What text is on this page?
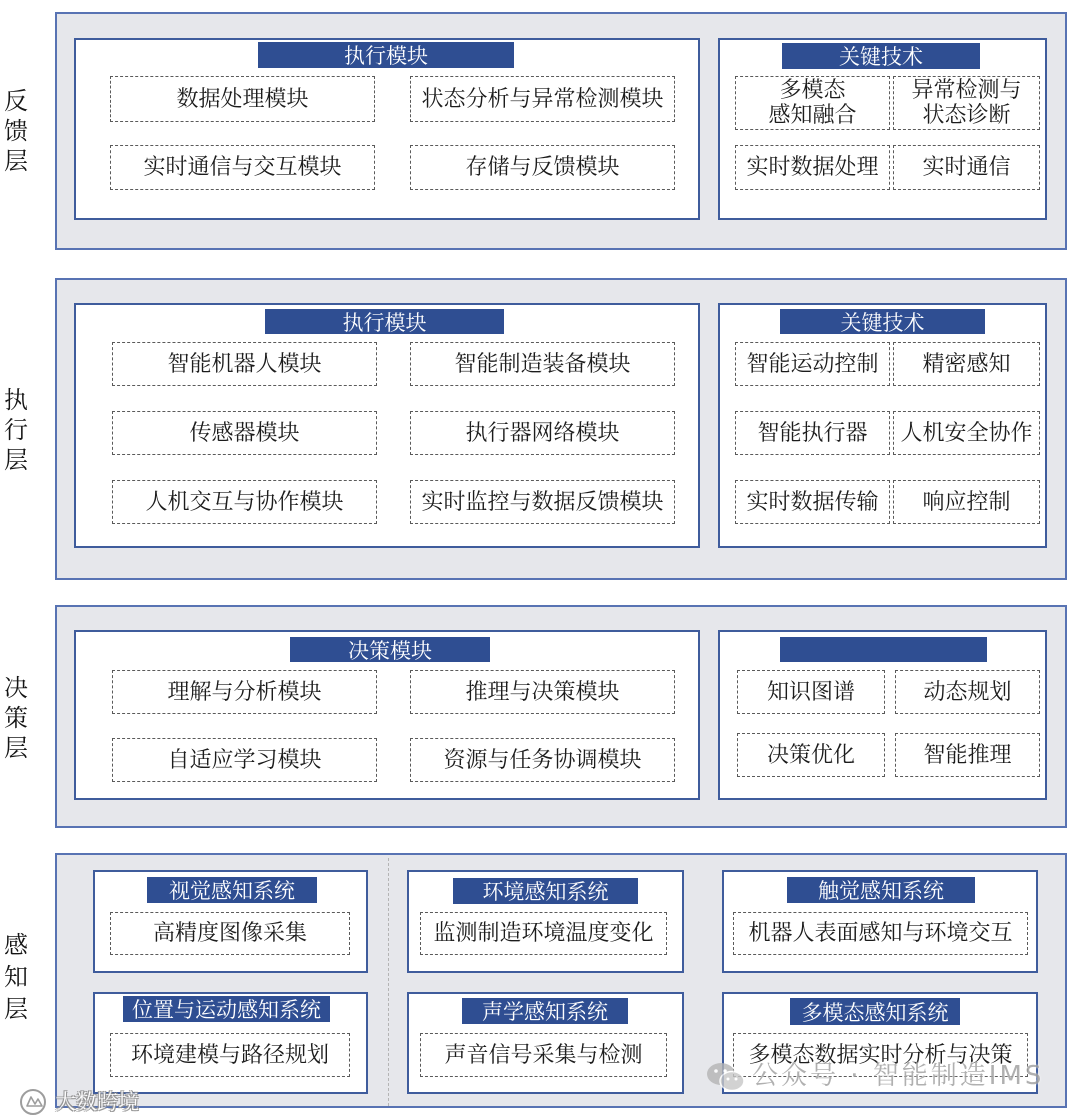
反馈层
执行层
决策层
感知层
执行模块
数据处理模块	状态分析与异常检测模块
实时通信与交互模块	存储与反馈模块
关键技术
多模态
感知融合
异常检测与
状态诊断
实时数据处理	实时通信
执行模块
智能机器人模块	智能制造装备模块
传感器模块	执行器网络模块
人机交互与协作模块	实时监控与数据反馈模块
关键技术
智能运动控制	精密感知
智能执行器	人机安全协作
实时数据传输	响应控制
决策模块
理解与分析模块	推理与决策模块
自适应学习模块	资源与任务协调模块
知识图谱	动态规划
决策优化	智能推理
视觉感知系统
高精度图像采集
环境感知系统
监测制造环境温度变化
触觉感知系统
机器人表面感知与环境交互
位置与运动感知系统
环境建模与路径规划
声学感知系统
声音信号采集与检测
多模态感知系统
多模态数据实时分析与决策
公众号 · 智能制造IMS
大数跨境
